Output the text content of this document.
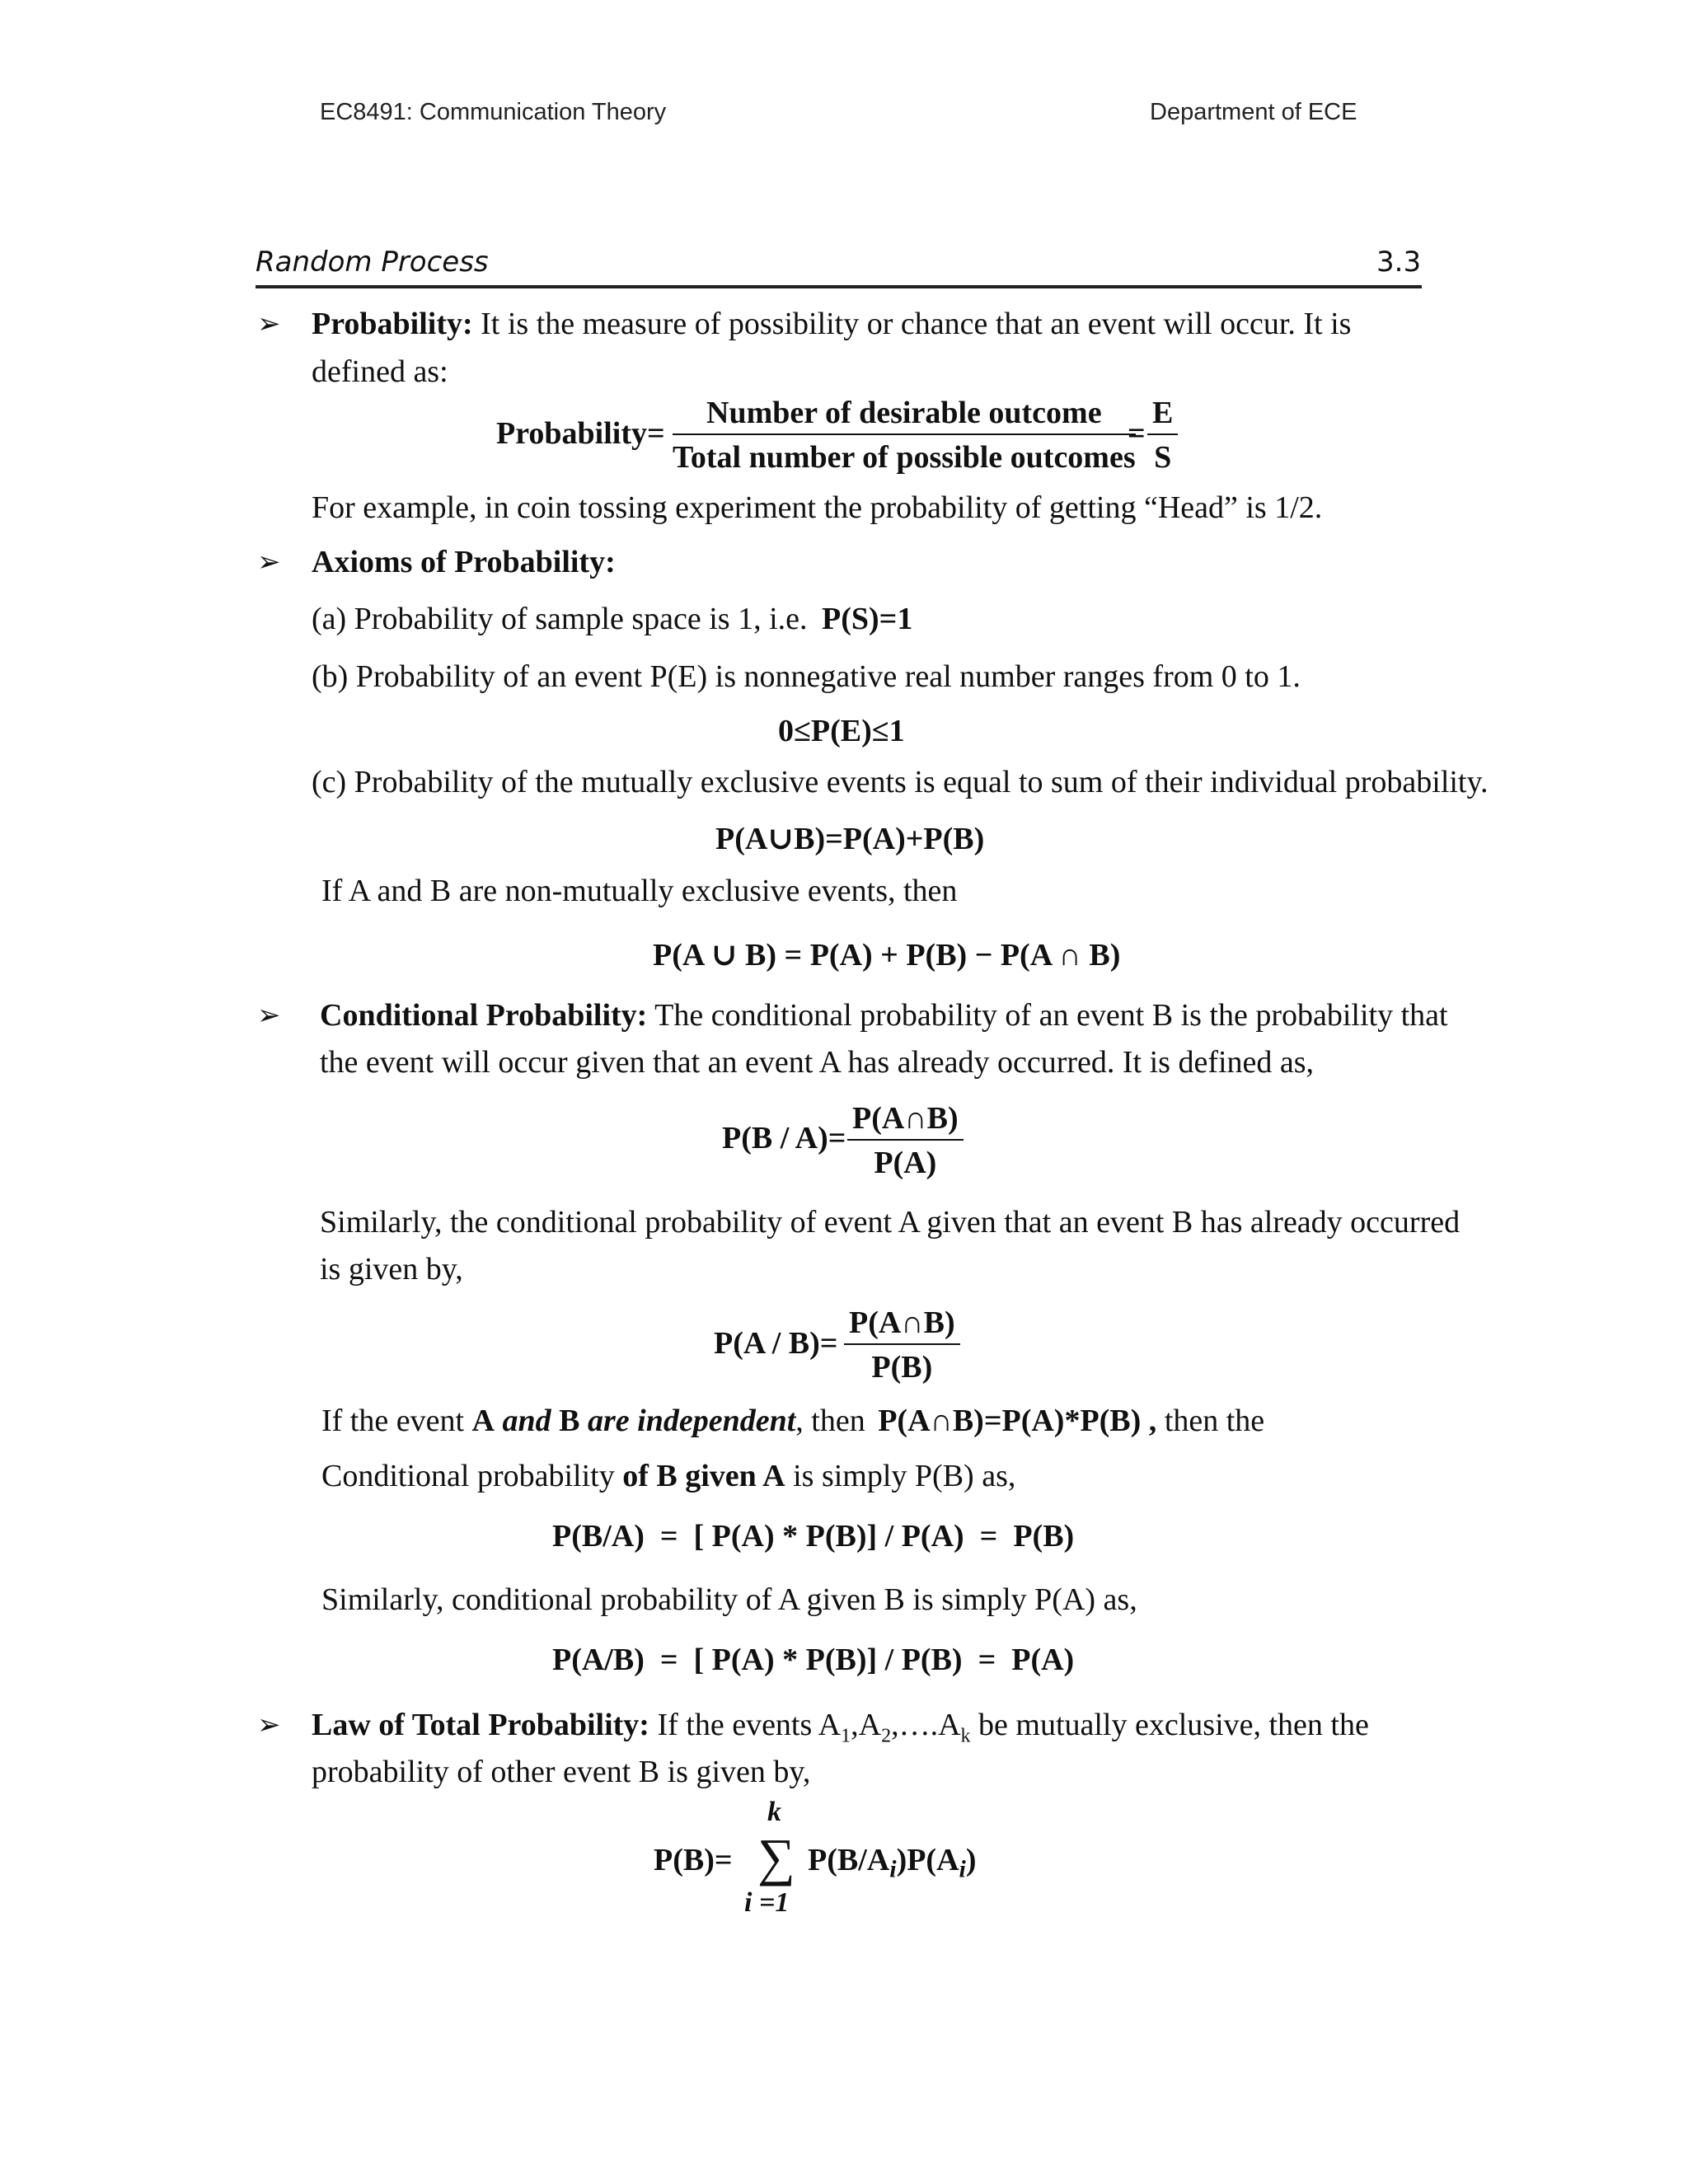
EC8491: Communication Theory	Department of ECE
Random Process	3.3
➢ Probability: It is the measure of possibility or chance that an event will occur. It is
defined as:
Probability=
Number of desirable outcome
Total number of possible outcomes
= $\frac{E}{S}$
For example, in coin tossing experiment the probability of getting “Head” is 1/2.
➢ Axioms of Probability:
(a) Probability of sample space is 1, i.e. P(S)=1
(b) Probability of an event P(E) is nonnegative real number ranges from 0 to 1.
0≤P(E)≤1
(c) Probability of the mutually exclusive events is equal to sum of their individual probability.
P(A∪B)=P(A)+P(B)
If A and B are non-mutually exclusive events, then
P(A ∪ B) = P(A) + P(B) − P(A ∩ B)
➢ Conditional Probability: The conditional probability of an event B is the probability that
the event will occur given that an event A has already occurred. It is defined as,
$P(B / A)= \frac{P(A\cap B)}{P(A)}$
Similarly, the conditional probability of event A given that an event B has already occurred
is given by,
$P(A / B)= \frac{P(A\cap B)}{P(B)}$
If the event A and B are independent, then P(A∩B)=P(A)*P(B) , then the
Conditional probability of B given A is simply P(B) as,
P(B/A)  =  [ P(A) * P(B)] / P(A)  =  P(B)
Similarly, conditional probability of A given B is simply P(A) as,
P(A/B)  =  [ P(A) * P(B)] / P(B)  =  P(A)
➢ Law of Total Probability: If the events $A_1,A_2,\dots.A_k$ be mutually exclusive, then the
probability of other event B is given by,
P(B)=
k
∑
i =1
$P(B/A_i)P(A_i)$
